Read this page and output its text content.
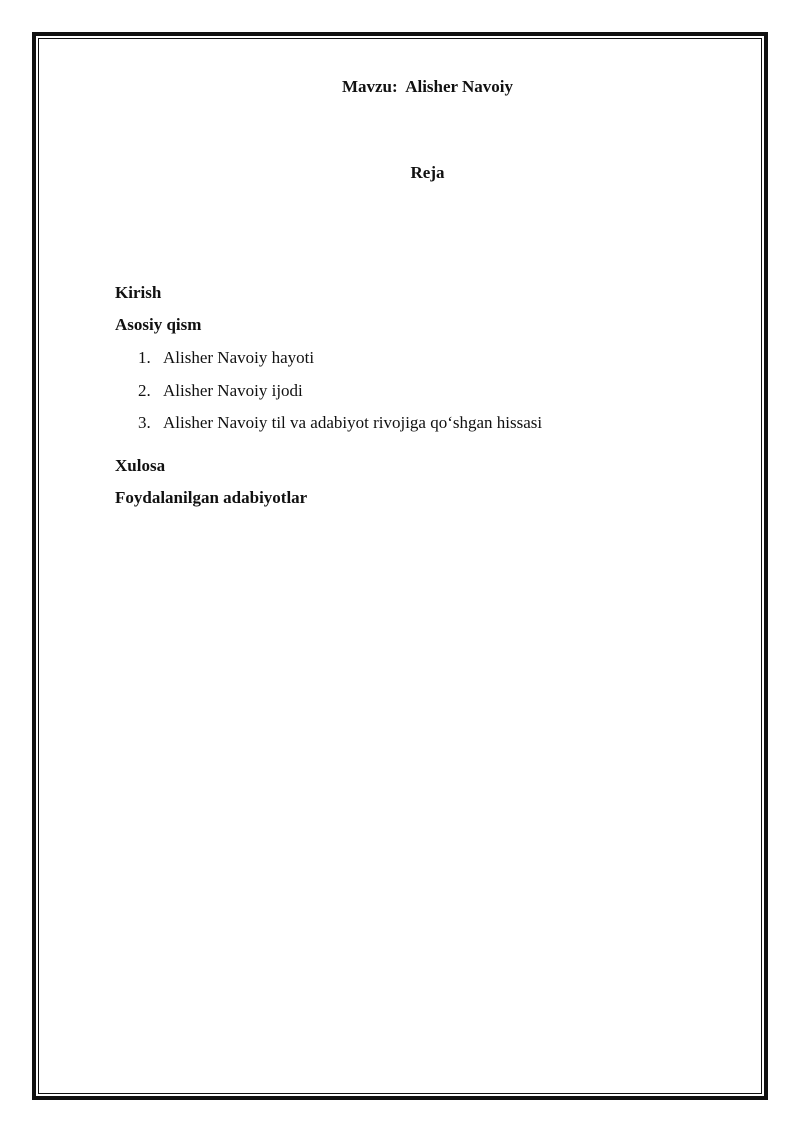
Mavzu:  Alisher Navoiy
Reja
Kirish
Asosiy qism
1. Alisher Navoiy hayoti
2. Alisher Navoiy ijodi
3. Alisher Navoiy til va adabiyot rivojiga qo‘shgan hissasi
Xulosa
Foydalanilgan adabiyotlar
